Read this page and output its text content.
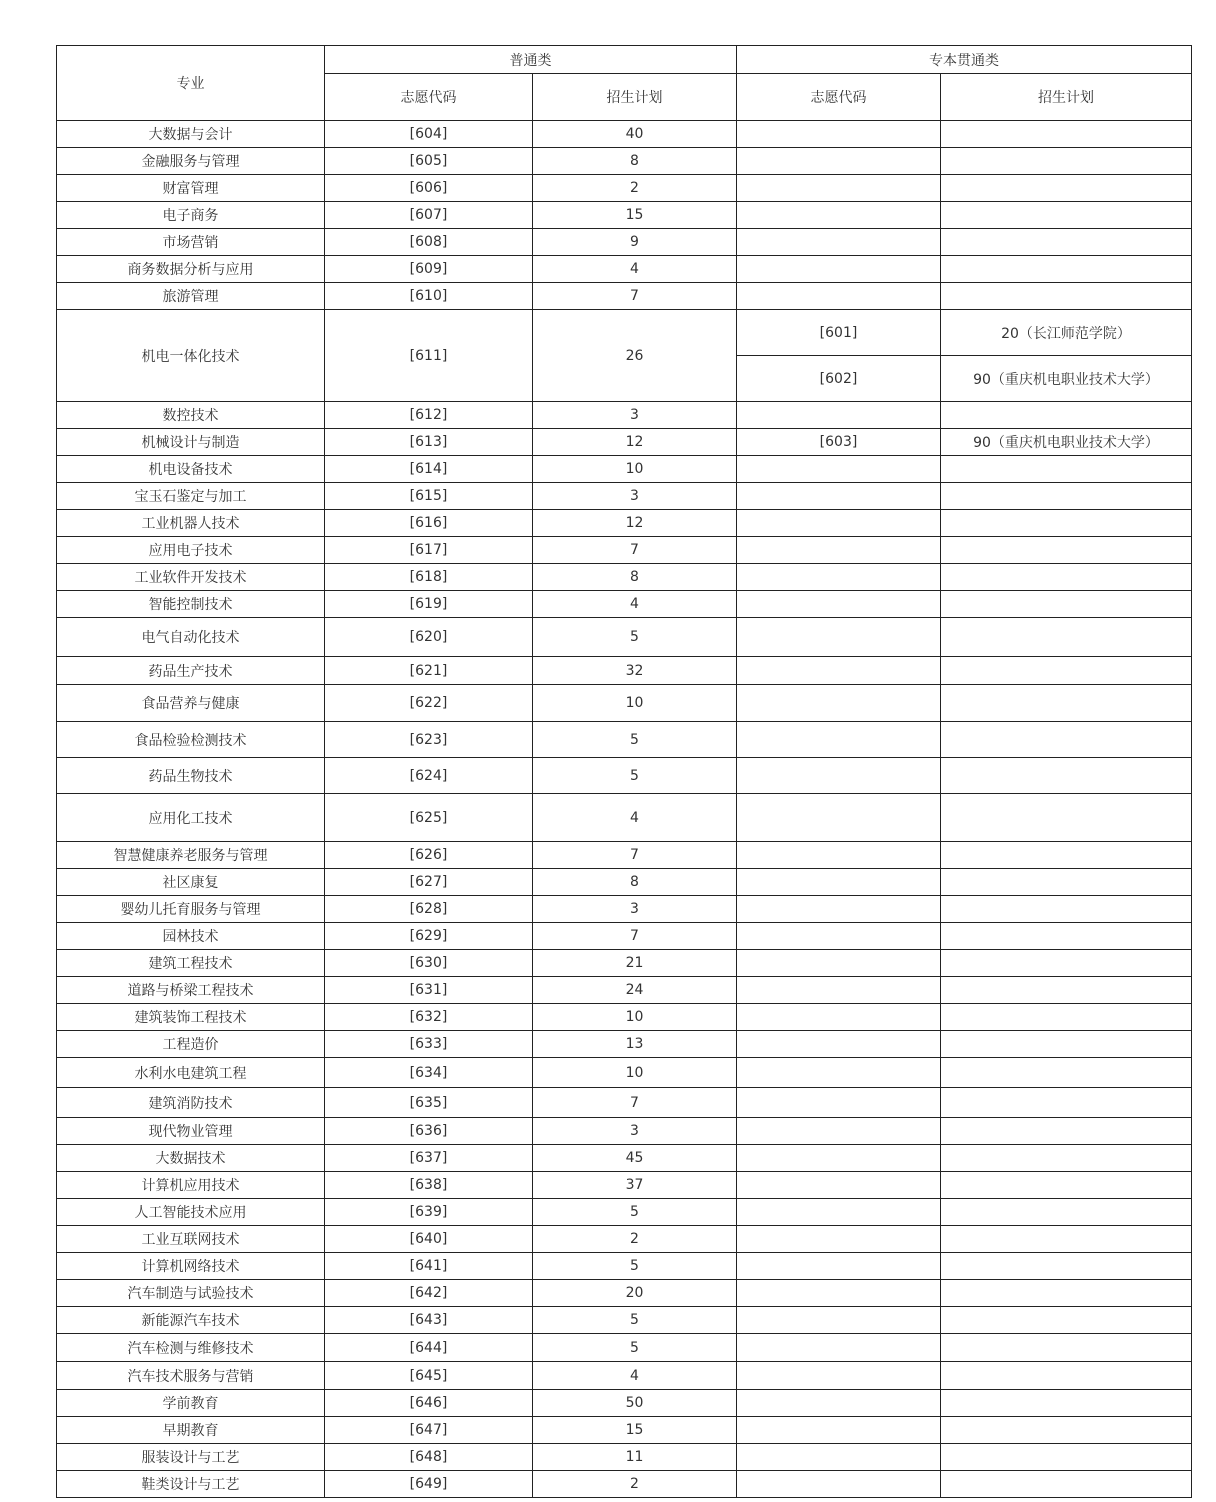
专业	普通类		专本贯通类	
	志愿代码	招生计划	志愿代码	招生计划
大数据与会计	[604]	40		
金融服务与管理	[605]	8		
财富管理	[606]	2		
电子商务	[607]	15		
市场营销	[608]	9		
商务数据分析与应用	[609]	4		
旅游管理	[610]	7		
机电一体化技术	[611]	26	[601]	20（长江师范学院）
			[602]	90（重庆机电职业技术大学）
数控技术	[612]	3		
机械设计与制造	[613]	12	[603]	90（重庆机电职业技术大学）
机电设备技术	[614]	10		
宝玉石鉴定与加工	[615]	3		
工业机器人技术	[616]	12		
应用电子技术	[617]	7		
工业软件开发技术	[618]	8		
智能控制技术	[619]	4		
电气自动化技术	[620]	5		
药品生产技术	[621]	32		
食品营养与健康	[622]	10		
食品检验检测技术	[623]	5		
药品生物技术	[624]	5		
应用化工技术	[625]	4		
智慧健康养老服务与管理	[626]	7		
社区康复	[627]	8		
婴幼儿托育服务与管理	[628]	3		
园林技术	[629]	7		
建筑工程技术	[630]	21		
道路与桥梁工程技术	[631]	24		
建筑装饰工程技术	[632]	10		
工程造价	[633]	13		
水利水电建筑工程	[634]	10		
建筑消防技术	[635]	7		
现代物业管理	[636]	3		
大数据技术	[637]	45		
计算机应用技术	[638]	37		
人工智能技术应用	[639]	5		
工业互联网技术	[640]	2		
计算机网络技术	[641]	5		
汽车制造与试验技术	[642]	20		
新能源汽车技术	[643]	5		
汽车检测与维修技术	[644]	5		
汽车技术服务与营销	[645]	4		
学前教育	[646]	50		
早期教育	[647]	15		
服装设计与工艺	[648]	11		
鞋类设计与工艺	[649]	2		
